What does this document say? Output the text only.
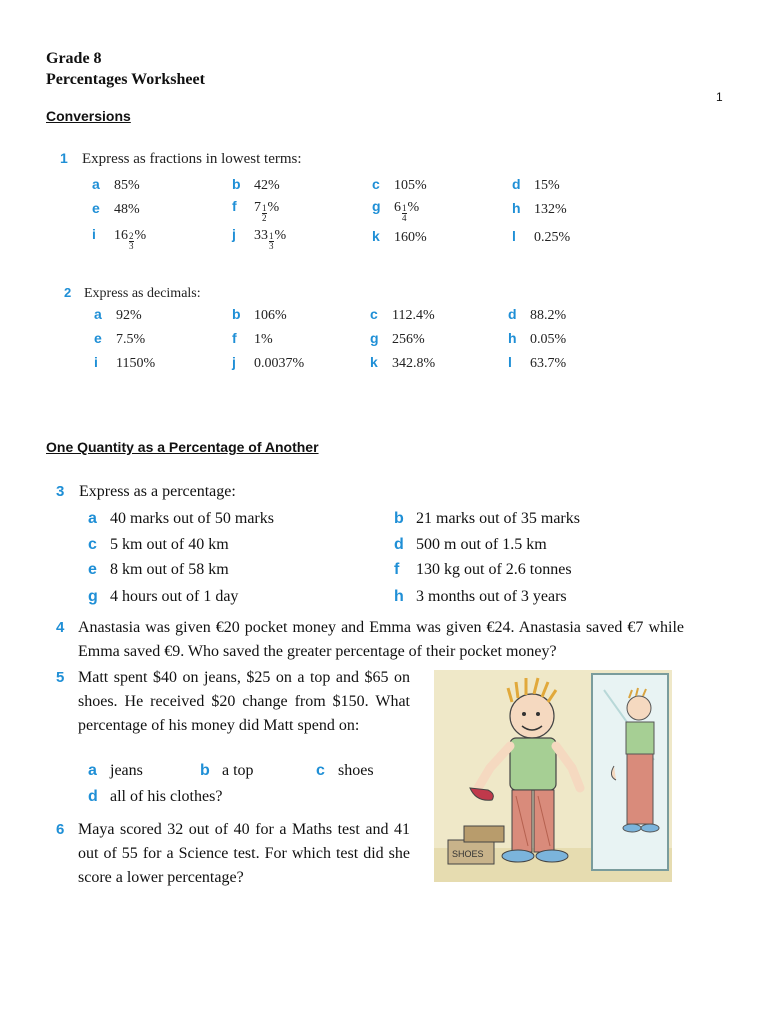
Grade 8
Percentages Worksheet
1
Conversions
1 Express as fractions in lowest terms:
a	85%	b 42%	c	105%	d 15%
e	48%	f	$7 \frac{1}{2}$ %	g $6 \frac{1}{4}$ %	h 132%
i	$16 \frac{2}{3}$ %	j	$33 \frac{1}{3}$ %	k	160%	l	0.25%
2 Express as decimals:
a	92%	b 106%	c	112.4%	d 88.2%
e	7.5%	f	1%	g 256%	h 0.05%
i	1150%	j	0.0037%	k	342.8%	l	63.7%
One Quantity as a Percentage of Another
3 Express as a percentage:
a 40 marks out of 50 marks	b 21 marks out of 35 marks
c 5 km out of 40 km	d 500 m out of 1.5 km
e 8 km out of 58 km	f	130 kg out of 2.6 tonnes
g 4 hours out of 1 day	h 3 months out of 3 years
4 Anastasia was given €20 pocket money and Emma was given €24. Anastasia saved €7 while Emma saved €9. Who saved the greater percentage of their pocket money?
5 Matt spent $40 on jeans, $25 on a top and $65 on shoes. He received $20 change from $150. What percentage of his money did Matt spend on:
a jeans	b a top	c shoes
d all of his clothes?
6 Maya scored 32 out of 40 for a Maths test and 41 out of 55 for a Science test. For which test did she score a lower percentage?
SHOES
